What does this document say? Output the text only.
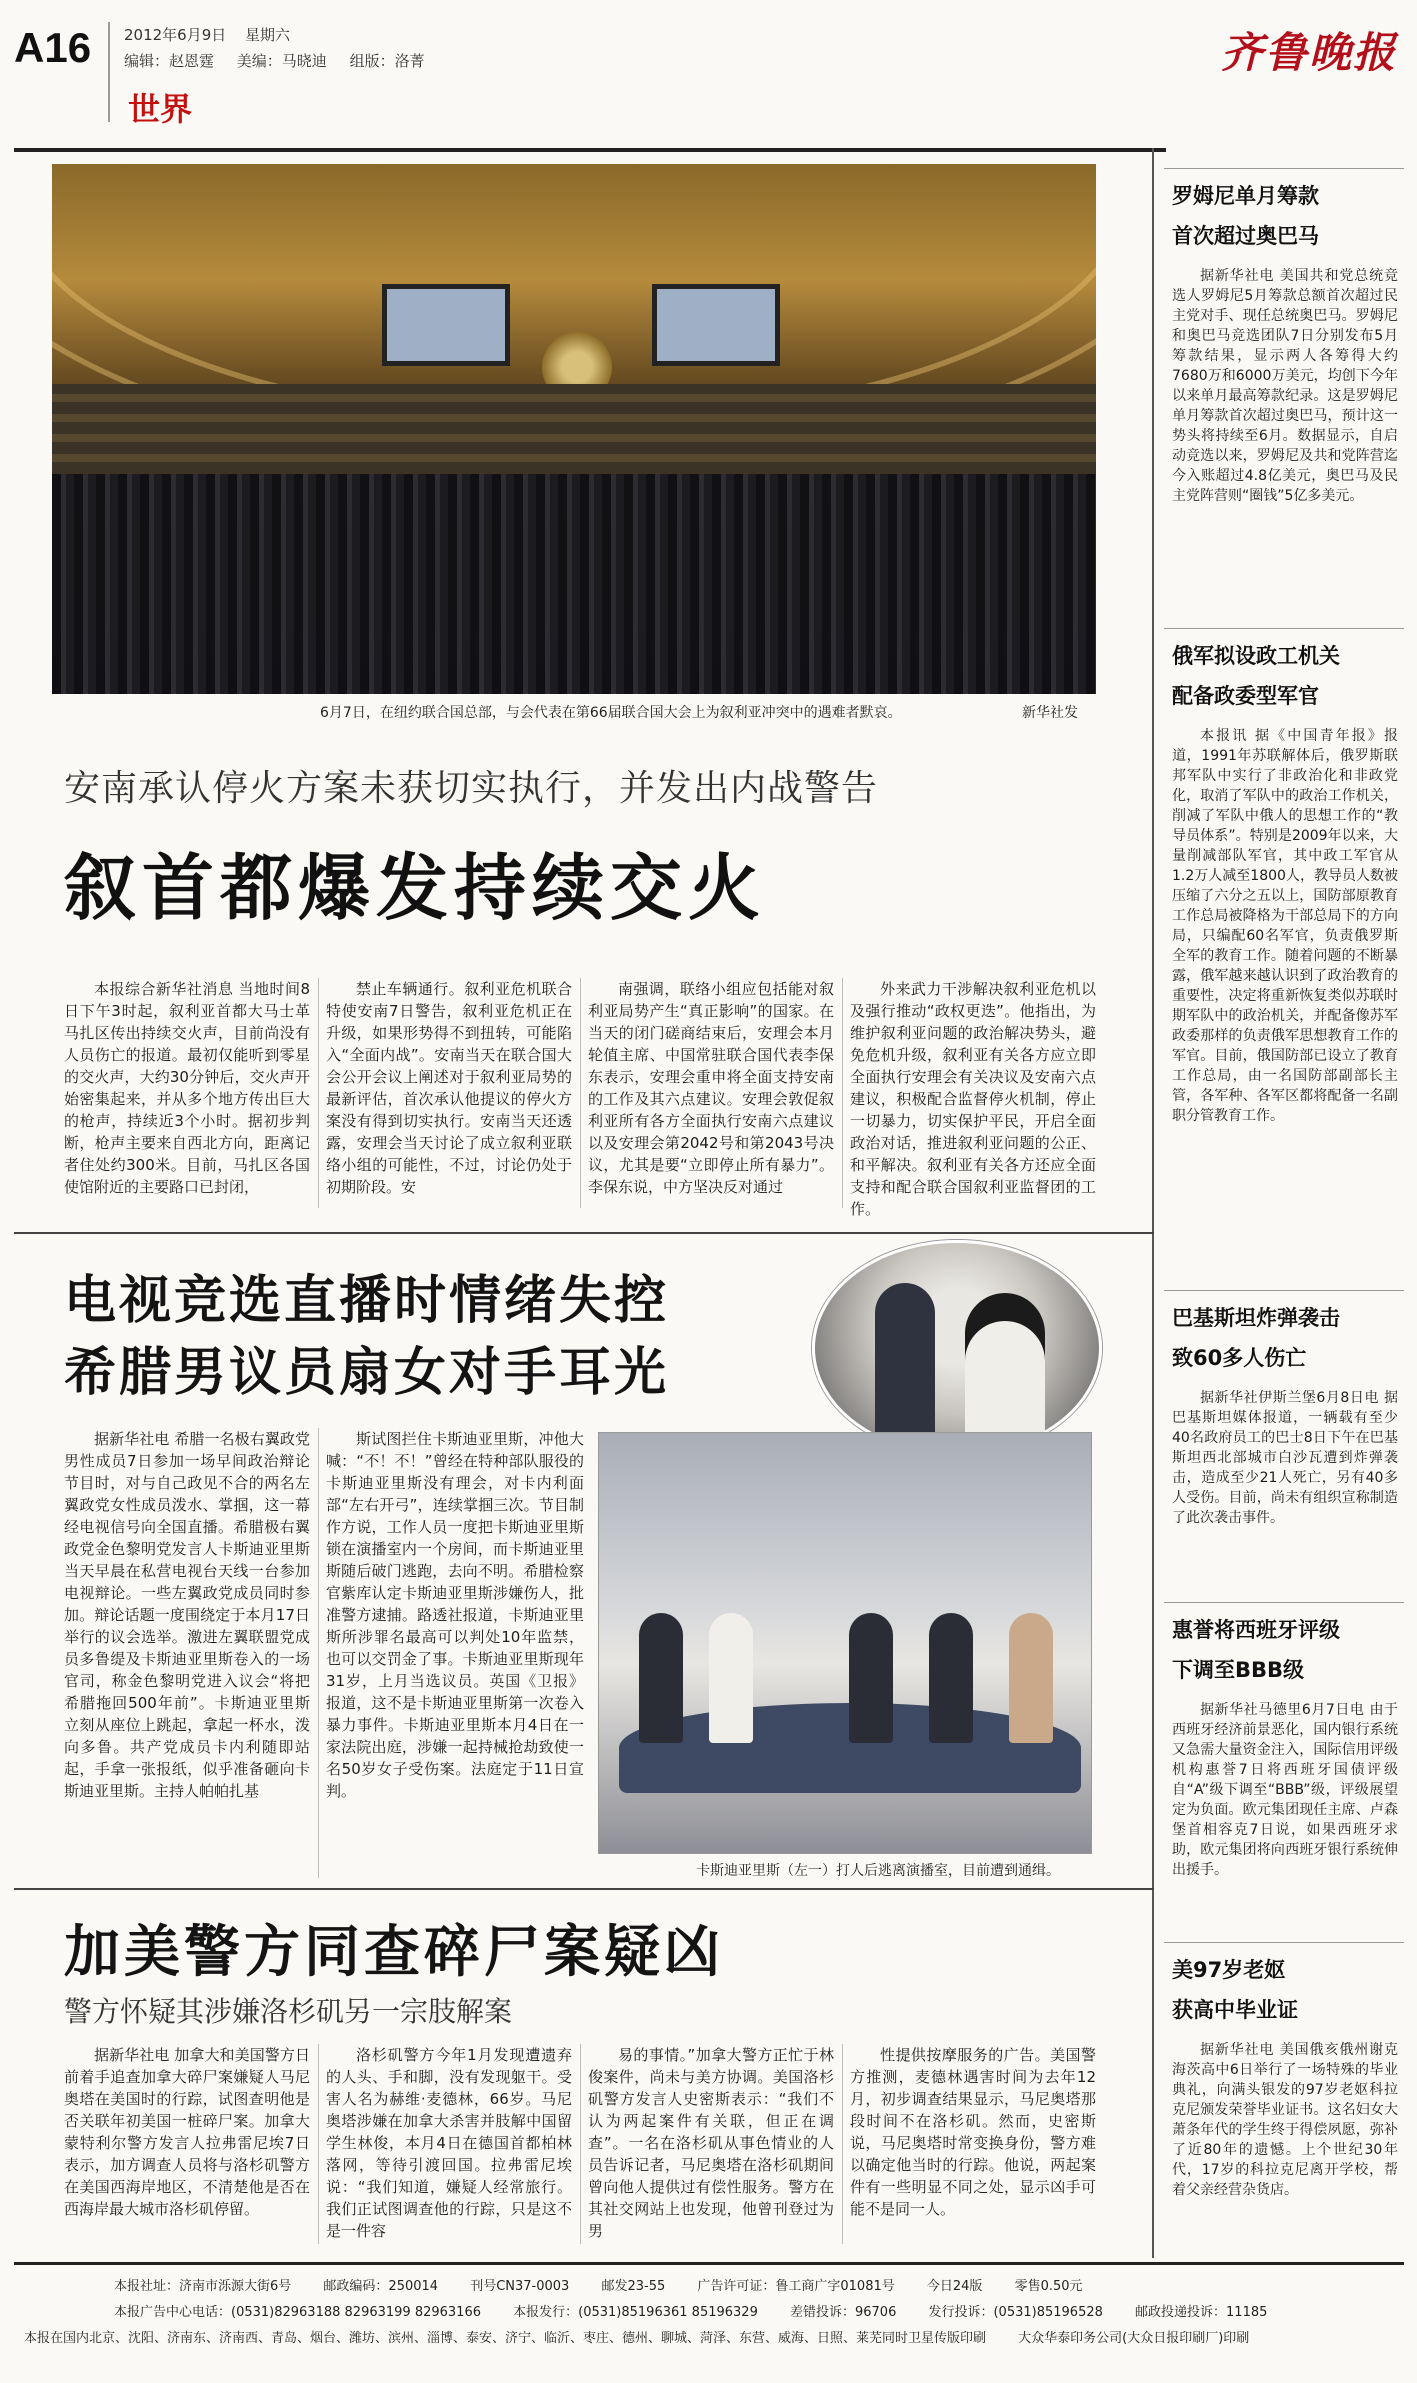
A16 2012年6月9日 星期六
编辑：赵恩霆 美编：马晓迪 组版：洛菁
世界
齐鲁晚报
6月7日，在纽约联合国总部，与会代表在第66届联合国大会上为叙利亚冲突中的遇难者默哀。	新华社发
安南承认停火方案未获切实执行，并发出内战警告
叙首都爆发持续交火
本报综合新华社消息 当地时间8日下午3时起，叙利亚首都大马士革马扎区传出持续交火声，目前尚没有人员伤亡的报道。最初仅能听到零星的交火声，大约30分钟后，交火声开始密集起来，并从多个地方传出巨大的枪声，持续近3个小时。据初步判断，枪声主要来自西北方向，距离记者住处约300米。目前，马扎区各国使馆附近的主要路口已封闭，
禁止车辆通行。叙利亚危机联合特使安南7日警告，叙利亚危机正在升级，如果形势得不到扭转，可能陷入“全面内战”。安南当天在联合国大会公开会议上阐述对于叙利亚局势的最新评估，首次承认他提议的停火方案没有得到切实执行。安南当天还透露，安理会当天讨论了成立叙利亚联络小组的可能性，不过，讨论仍处于初期阶段。安
南强调，联络小组应包括能对叙利亚局势产生“真正影响”的国家。在当天的闭门磋商结束后，安理会本月轮值主席、中国常驻联合国代表李保东表示，安理会重申将全面支持安南的工作及其六点建议。安理会敦促叙利亚所有各方全面执行安南六点建议以及安理会第2042号和第2043号决议，尤其是要“立即停止所有暴力”。李保东说，中方坚决反对通过
外来武力干涉解决叙利亚危机以及强行推动“政权更迭”。他指出，为维护叙利亚问题的政治解决势头，避免危机升级，叙利亚有关各方应立即全面执行安理会有关决议及安南六点建议，积极配合监督停火机制，停止一切暴力，切实保护平民，开启全面政治对话，推进叙利亚问题的公正、和平解决。叙利亚有关各方还应全面支持和配合联合国叙利亚监督团的工作。
电视竞选直播时情绪失控
希腊男议员扇女对手耳光
据新华社电 希腊一名极右翼政党男性成员7日参加一场早间政治辩论节目时，对与自己政见不合的两名左翼政党女性成员泼水、掌掴，这一幕经电视信号向全国直播。希腊极右翼政党金色黎明党发言人卡斯迪亚里斯当天早晨在私营电视台天线一台参加电视辩论。一些左翼政党成员同时参加。辩论话题一度围绕定于本月17日举行的议会选举。激进左翼联盟党成员多鲁缇及卡斯迪亚里斯卷入的一场官司，称金色黎明党进入议会“将把希腊拖回500年前”。卡斯迪亚里斯立刻从座位上跳起，拿起一杯水，泼向多鲁。共产党成员卡内利随即站起，手拿一张报纸，似乎准备砸向卡斯迪亚里斯。主持人帕帕扎基
斯试图拦住卡斯迪亚里斯，冲他大喊：“不！不！”曾经在特种部队服役的卡斯迪亚里斯没有理会，对卡内利面部“左右开弓”，连续掌掴三次。节目制作方说，工作人员一度把卡斯迪亚里斯锁在演播室内一个房间，而卡斯迪亚里斯随后破门逃跑，去向不明。希腊检察官紫库认定卡斯迪亚里斯涉嫌伤人，批准警方逮捕。路透社报道，卡斯迪亚里斯所涉罪名最高可以判处10年监禁，也可以交罚金了事。卡斯迪亚里斯现年31岁，上月当选议员。英国《卫报》报道，这不是卡斯迪亚里斯第一次卷入暴力事件。卡斯迪亚里斯本月4日在一家法院出庭，涉嫌一起持械抢劫致使一名50岁女子受伤案。法庭定于11日宣判。
卡斯迪亚里斯（左一）打人后逃离演播室，目前遭到通缉。
加美警方同查碎尸案疑凶
警方怀疑其涉嫌洛杉矶另一宗肢解案
据新华社电 加拿大和美国警方日前着手追查加拿大碎尸案嫌疑人马尼奥塔在美国时的行踪，试图查明他是否关联年初美国一桩碎尸案。加拿大蒙特利尔警方发言人拉弗雷尼埃7日表示，加方调查人员将与洛杉矶警方在美国西海岸地区，不清楚他是否在西海岸最大城市洛杉矶停留。
洛杉矶警方今年1月发现遭遗弃的人头、手和脚，没有发现躯干。受害人名为赫维·麦德林，66岁。马尼奥塔涉嫌在加拿大杀害并肢解中国留学生林俊，本月4日在德国首都柏林落网，等待引渡回国。拉弗雷尼埃说：“我们知道，嫌疑人经常旅行。我们正试图调查他的行踪，只是这不是一件容
易的事情。”加拿大警方正忙于林俊案件，尚未与美方协调。美国洛杉矶警方发言人史密斯表示：“我们不认为两起案件有关联，但正在调查”。一名在洛杉矶从事色情业的人员告诉记者，马尼奥塔在洛杉矶期间曾向他人提供过有偿性服务。警方在其社交网站上也发现，他曾刊登过为男
性提供按摩服务的广告。美国警方推测，麦德林遇害时间为去年12月，初步调查结果显示，马尼奥塔那段时间不在洛杉矶。然而，史密斯说，马尼奥塔时常变换身份，警方难以确定他当时的行踪。他说，两起案件有一些明显不同之处，显示凶手可能不是同一人。
罗姆尼单月筹款
首次超过奥巴马
据新华社电 美国共和党总统竞选人罗姆尼5月筹款总额首次超过民主党对手、现任总统奥巴马。罗姆尼和奥巴马竞选团队7日分别发布5月筹款结果，显示两人各筹得大约7680万和6000万美元，均创下今年以来单月最高筹款纪录。这是罗姆尼单月筹款首次超过奥巴马，预计这一势头将持续至6月。数据显示，自启动竞选以来，罗姆尼及共和党阵营迄今入账超过4.8亿美元，奥巴马及民主党阵营则“圈钱”5亿多美元。
俄军拟设政工机关
配备政委型军官
本报讯 据《中国青年报》报道，1991年苏联解体后，俄罗斯联邦军队中实行了非政治化和非政党化，取消了军队中的政治工作机关，削减了军队中俄人的思想工作的“教导员体系”。特别是2009年以来，大量削减部队军官，其中政工军官从1.2万人减至1800人，教导员人数被压缩了六分之五以上，国防部原教育工作总局被降格为干部总局下的方向局，只编配60名军官，负责俄罗斯全军的教育工作。随着问题的不断暴露，俄军越来越认识到了政治教育的重要性，决定将重新恢复类似苏联时期军队中的政治机关，并配备像苏军政委那样的负责俄军思想教育工作的军官。目前，俄国防部已设立了教育工作总局，由一名国防部副部长主管，各军种、各军区都将配备一名副职分管教育工作。
巴基斯坦炸弹袭击
致60多人伤亡
据新华社伊斯兰堡6月8日电 据巴基斯坦媒体报道，一辆载有至少40名政府员工的巴士8日下午在巴基斯坦西北部城市白沙瓦遭到炸弹袭击，造成至少21人死亡，另有40多人受伤。目前，尚未有组织宣称制造了此次袭击事件。
惠誉将西班牙评级
下调至BBB级
据新华社马德里6月7日电 由于西班牙经济前景恶化，国内银行系统又急需大量资金注入，国际信用评级机构惠誉7日将西班牙国债评级自“A”级下调至“BBB”级，评级展望定为负面。欧元集团现任主席、卢森堡首相容克7日说，如果西班牙求助，欧元集团将向西班牙银行系统伸出援手。
美97岁老妪
获高中毕业证
据新华社电 美国俄亥俄州谢克海茨高中6日举行了一场特殊的毕业典礼，向满头银发的97岁老妪科拉克尼颁发荣誉毕业证书。这名妇女大萧条年代的学生终于得偿夙愿，弥补了近80年的遗憾。上个世纪30年代，17岁的科拉克尼离开学校，帮着父亲经营杂货店。
本报社址：济南市泺源大街6号 邮政编码：250014 刊号CN37-0003 邮发23-55 广告许可证：鲁工商广字01081号 今日24版 零售0.50元
本报广告中心电话：(0531)82963188 82963199 82963166 本报发行：(0531)85196361 85196329 差错投诉：96706 发行投诉：(0531)85196528 邮政投递投诉：11185
本报在国内北京、沈阳、济南东、济南西、青岛、烟台、潍坊、滨州、淄博、泰安、济宁、临沂、枣庄、德州、聊城、菏泽、东营、威海、日照、莱芜同时卫星传版印刷 大众华泰印务公司(大众日报印刷厂)印刷
